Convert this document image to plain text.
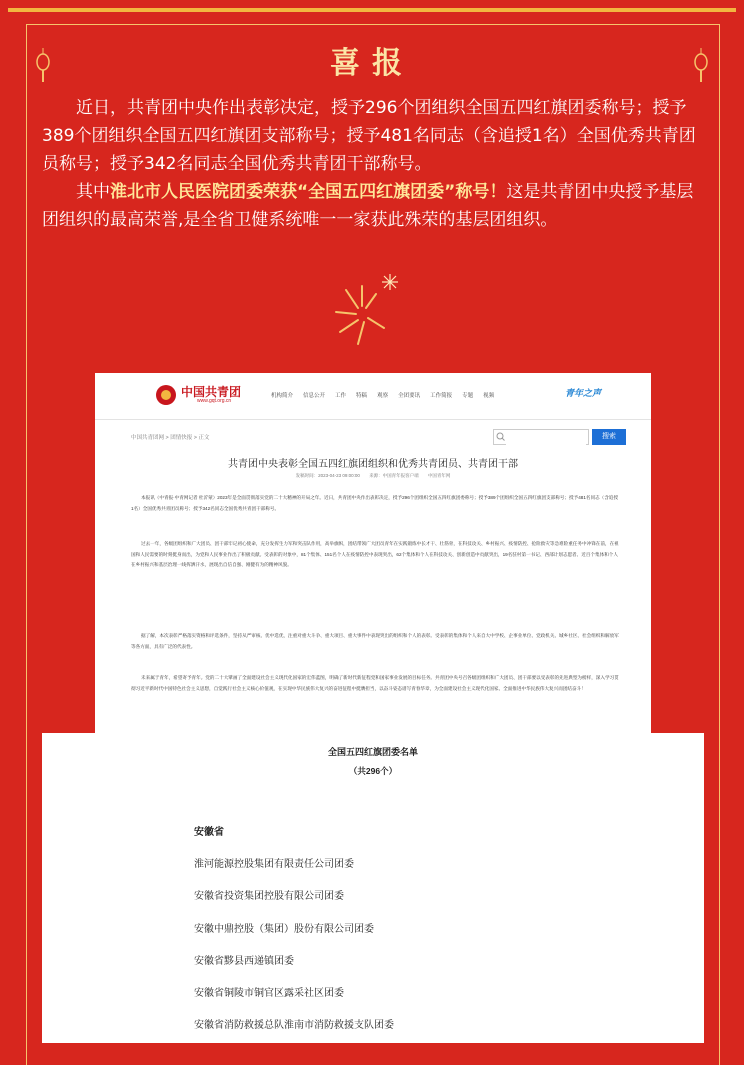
喜报

近日，共青团中央作出表彰决定，授予296个团组织全国五四红旗团委称号；授予389个团组织全国五四红旗团支部称号；授予481名同志（含追授1名）全国优秀共青团员称号；授予342名同志全国优秀共青团干部称号。

其中淮北市人民医院团委荣获“全国五四红旗团委”称号！这是共青团中央授予基层团组织的最高荣誉,是全省卫健系统唯一一家获此殊荣的基层团组织。

中国共青团
www.gqt.org.cn
机构简介 信息公开 工作 特稿 观察 全团要讯 工作简报 专题 视频	青年之声
中国共青团网 > 团情快报 > 正文	搜索
共青团中央表彰全国五四红旗团组织和优秀共青团员、共青团干部
发稿时间：2023-04-23 09:00:00 来源：中国青年报客户端 中国青年网

本报讯（中青报·中青网记者 杜沂蒙）2023年是全面贯彻落实党的二十大精神的开局之年。近日，共青团中央作出表彰决定，授予296个团组织全国五四红旗团委称号；授予389个团组织全国五四红旗团支部称号；授予481名同志（含追授1名）全国优秀共青团员称号；授予342名同志全国优秀共青团干部称号。

过去一年，各级团组织和广大团员、团干部牢记初心使命，充分发挥生力军和突击队作用，高举旗帜，团结带领广大团员青年在实践锻炼中长才干、壮筋骨，在科技攻关、乡村振兴、疫情防控、抢险救灾等急难险重任务中冲锋在前，在祖国和人民需要的时刻挺身而出，为党和人民事业作出了积极贡献。受表彰的对象中，81个集体、151名个人在疫情防控中表现突出，62个集体和个人在科技攻关、创新创造中贡献突出，19名驻村第一书记、西部计划志愿者、近百个集体和个人在乡村振兴和基层治理一线挥洒汗水，展现出自信自强、刚健有为的精神风貌。

据了解，本次表彰严格落实资格和评选条件，坚持从严审核、优中选优，注重对重大斗争、重大项目、重大事件中表现突出的组织和个人的表彰。受表彰的集体和个人来自大中学校、企事业单位、党政机关、城乡社区、社会组织和解放军等各方面，具有广泛的代表性。

未来属于青年，希望寄予青年。党的二十大擘画了全面建设社会主义现代化国家的宏伟蓝图，明确了新时代新征程党和国家事业发展的目标任务。共青团中央号召各级团组织和广大团员、团干部要以受表彰的先进典型为榜样，深入学习贯彻习近平新时代中国特色社会主义思想，自觉践行社会主义核心价值观，在实现中华民族伟大复兴的奋进征程中挺膺担当，以奋斗姿态谱写青春华章，为全面建设社会主义现代化国家、全面推进中华民族伟大复兴而团结奋斗！

全国五四红旗团委名单
（共296个）
安徽省
淮河能源控股集团有限责任公司团委
安徽省投资集团控股有限公司团委
安徽中鼎控股（集团）股份有限公司团委
安徽省黟县西递镇团委
安徽省铜陵市铜官区露采社区团委
安徽省消防救援总队淮南市消防救援支队团委
